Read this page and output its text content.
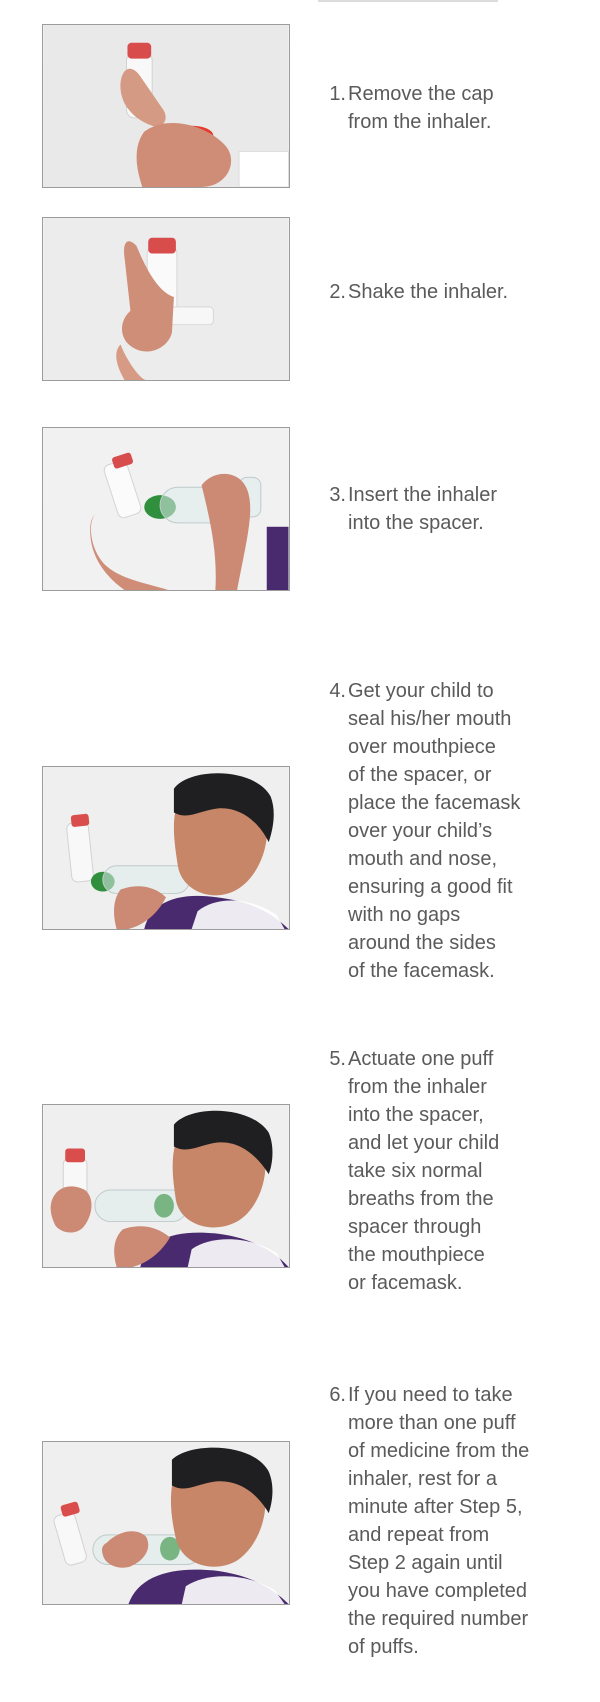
1. Remove the cap
from the inhaler.
2. Shake the inhaler.
3. Insert the inhaler
into the spacer.
4. Get your child to
seal his/her mouth
over mouthpiece
of the spacer, or
place the facemask
over your child’s
mouth and nose,
ensuring a good fit
with no gaps
around the sides
of the facemask.
5. Actuate one puff
from the inhaler
into the spacer,
and let your child
take six normal
breaths from the
spacer through
the mouthpiece
or facemask.
6. If you need to take
more than one puff
of medicine from the
inhaler, rest for a
minute after Step 5,
and repeat from
Step 2 again until
you have completed
the required number
of puffs.
